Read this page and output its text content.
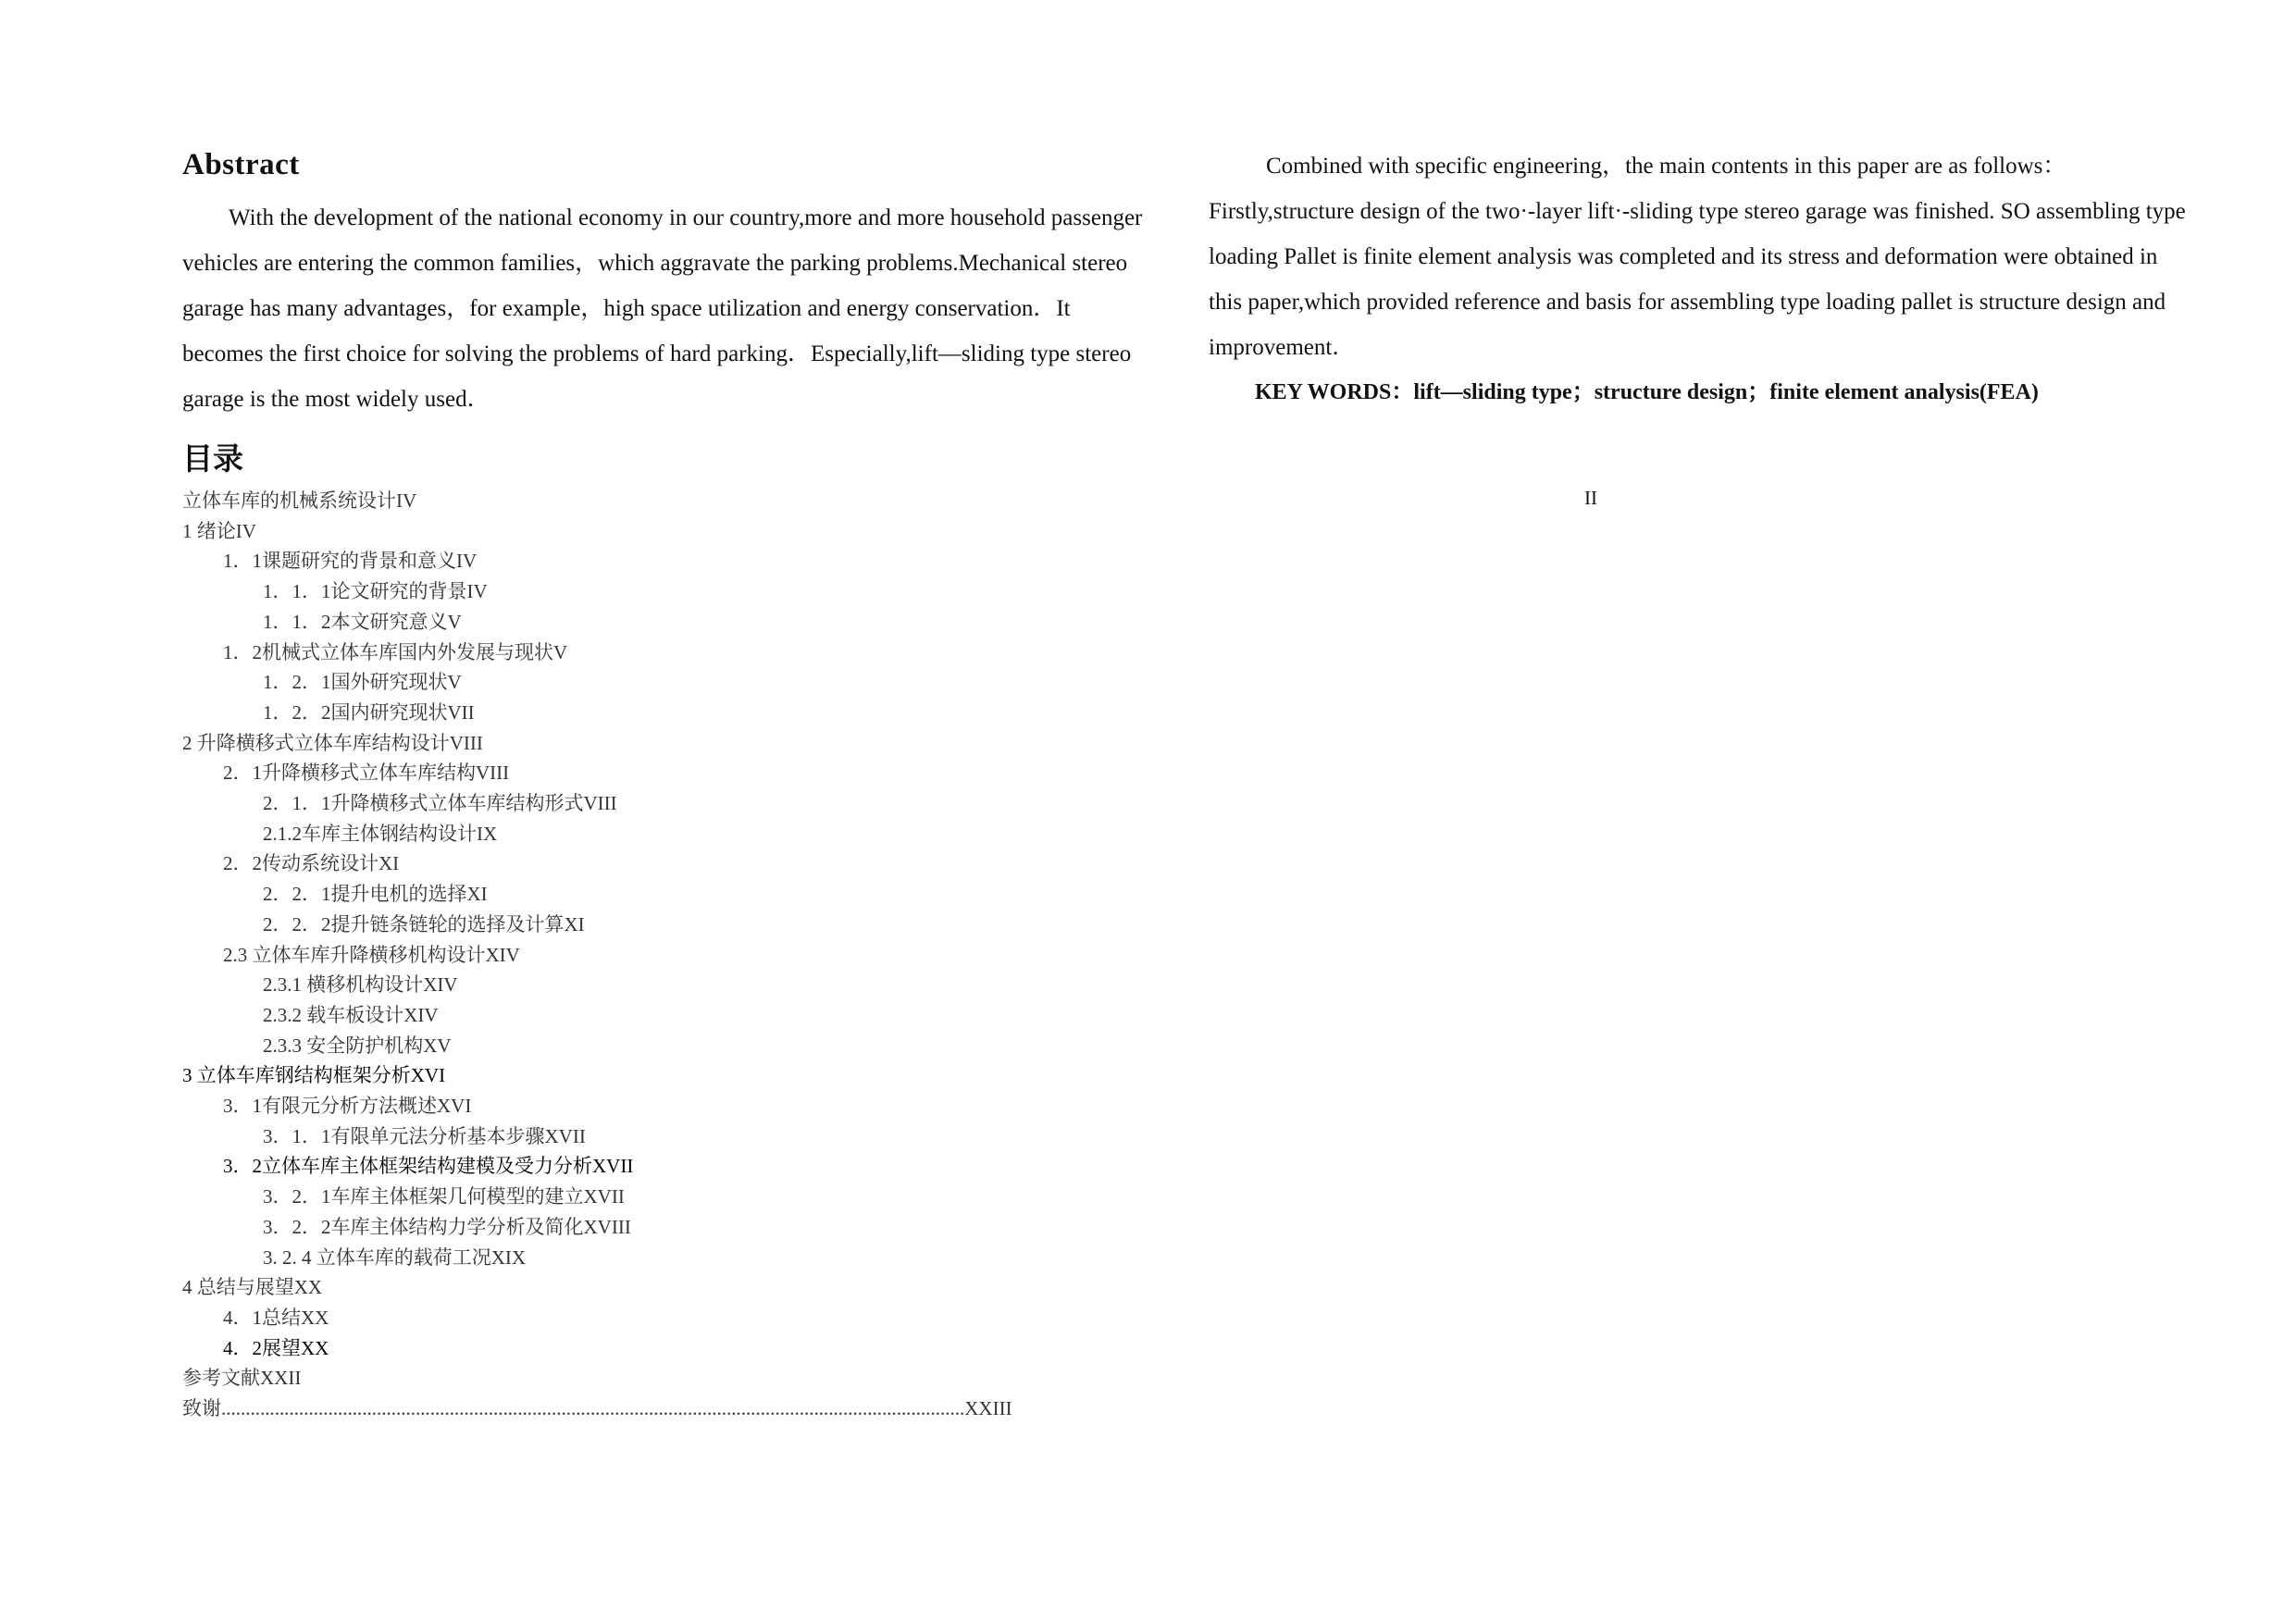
Abstract

With the development of the national economy in our country,more and more household passenger vehicles are entering the common families，which aggravate the parking problems.Mechanical stereo garage has many advantages，for example，high space utilization and energy conservation．It becomes the first choice for solving the problems of hard parking．Especially,lift—sliding type stereo garage is the most widely used．

目录
立体车库的机械系统设计IV
1 绪论IV
1．1课题研究的背景和意义IV
1．1．1论文研究的背景IV
1．1．2本文研究意义V
1．2机械式立体车库国内外发展与现状V
1．2．1国外研究现状V
1．2．2国内研究现状VII
2 升降横移式立体车库结构设计VIII
2．1升降横移式立体车库结构VIII
2．1．1升降横移式立体车库结构形式VIII
2.1.2车库主体钢结构设计IX
2．2传动系统设计XI
2．2．1提升电机的选择XI
2．2．2提升链条链轮的选择及计算XI
2.3 立体车库升降横移机构设计XIV
2.3.1 横移机构设计XIV
2.3.2 载车板设计XIV
2.3.3 安全防护机构XV
3 立体车库钢结构框架分析XVI
3．1有限元分析方法概述XVI
3．1．1有限单元法分析基本步骤XVII
3．2立体车库主体框架结构建模及受力分析XVII
3．2．1车库主体框架几何模型的建立XVII
3．2．2车库主体结构力学分析及简化XVIII
3. 2. 4 立体车库的载荷工况XIX
4 总结与展望XX
4．1总结XX
4．2展望XX
参考文献XXII
致谢.........................................................................................................................................................XXIII

Combined with specific engineering，the main contents in this paper are as follows：Firstly,structure design of the two·-layer lift·-sliding type stereo garage was finished. SO assembling type loading Pallet is finite element analysis was completed and its stress and deformation were obtained in this paper,which provided reference and basis for assembling type loading pallet is structure design and improvement．

KEY WORDS：lift—sliding type；structure design；finite element analysis(FEA)

II
